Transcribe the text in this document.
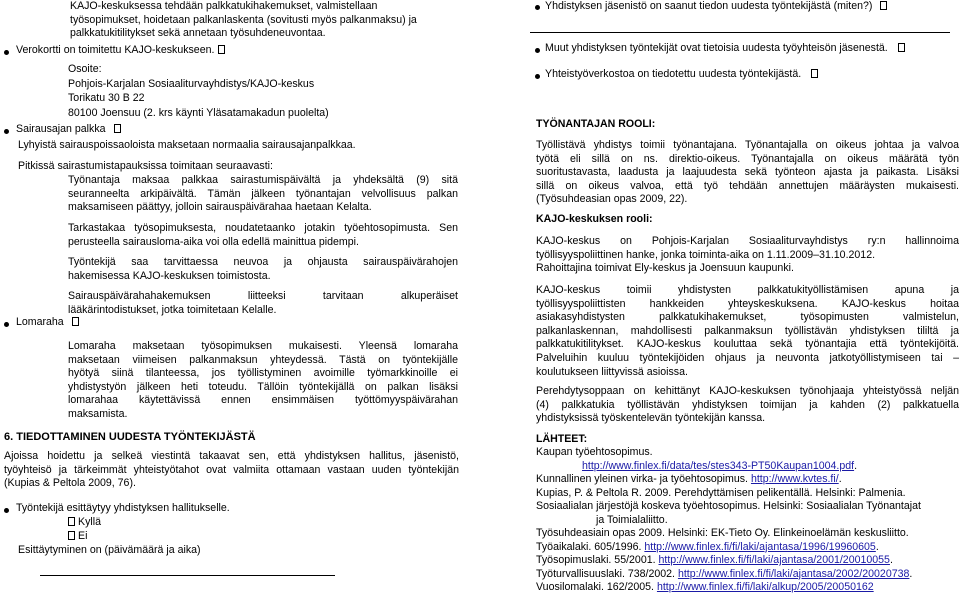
KAJO-keskuksessa tehdään palkkatukihakemukset, valmistellaan
työsopimukset, hoidetaan palkanlaskenta (sovitusti myös palkanmaksu) ja
palkkatukitilitykset sekä annetaan työsuhdeneuvontaa.
Verokortti on toimitettu KAJO-keskukseen.
Osoite:
Pohjois-Karjalan Sosiaaliturvayhdistys/KAJO-keskus
Torikatu 30 B 22
80100 Joensuu (2. krs käynti Yläsatamakadun puolelta)
Sairausajan palkka
Lyhyistä sairauspoissaoloista maksetaan normaalia sairausajanpalkkaa.
Pitkissä sairastumistapauksissa toimitaan seuraavasti:
Työnantaja maksaa palkkaa sairastumispäivältä ja yhdeksältä (9) sitä
seuranneelta arkipäivältä. Tämän jälkeen työnantajan velvollisuus palkan
maksamiseen päättyy, jolloin sairauspäivärahaa haetaan Kelalta.
Tarkastakaa työsopimuksesta, noudatetaanko jotakin työehtosopimusta. Sen
perusteella sairausloma-aika voi olla edellä mainittua pidempi.
Työntekijä saa tarvittaessa neuvoa ja ohjausta sairauspäivärahojen
hakemisessa KAJO-keskuksen toimistosta.
Sairauspäivärahahakemuksen liitteeksi tarvitaan alkuperäiset
lääkärintodistukset, jotka toimitetaan Kelalle.
Lomaraha
Lomaraha maksetaan työsopimuksen mukaisesti. Yleensä lomaraha
maksetaan viimeisen palkanmaksun yhteydessä. Tästä on työntekijälle
hyötyä siinä tilanteessa, jos työllistyminen avoimille työmarkkinoille ei
yhdistystyön jälkeen heti toteudu. Tällöin työntekijällä on palkan lisäksi
lomarahaa käytettävissä ennen ensimmäisen työttömyyspäivärahan
maksamista.
6. TIEDOTTAMINEN UUDESTA TYÖNTEKIJÄSTÄ
Ajoissa hoidettu ja selkeä viestintä takaavat sen, että yhdistyksen hallitus, jäsenistö,
työyhteisö ja tärkeimmät yhteistyötahot ovat valmiita ottamaan vastaan uuden työntekijän
(Kupias & Peltola 2009, 76).
Työntekijä esittäytyy yhdistyksen hallitukselle.
Kyllä
Ei
Esittäytyminen on (päivämäärä ja aika)
Yhdistyksen jäsenistö on saanut tiedon uudesta työntekijästä (miten?)
Muut yhdistyksen työntekijät ovat tietoisia uudesta työyhteisön jäsenestä.
Yhteistyöverkostoa on tiedotettu uudesta työntekijästä.
TYÖNANTAJAN ROOLI:
Työllistävä yhdistys toimii työnantajana. Työnantajalla on oikeus johtaa ja valvoa
työtä eli sillä on ns. direktio-oikeus. Työnantajalla on oikeus määrätä työn
suoritustavasta, laadusta ja laajuudesta sekä työnteon ajasta ja paikasta. Lisäksi
sillä on oikeus valvoa, että työ tehdään annettujen määräysten mukaisesti.
(Työsuhdeasian opas 2009, 22).
KAJO-keskuksen rooli:
KAJO-keskus on Pohjois-Karjalan Sosiaaliturvayhdistys ry:n hallinnoima
työllisyyspoliittinen hanke, jonka toiminta-aika on 1.11.2009‒31.10.2012.
Rahoittajina toimivat Ely-keskus ja Joensuun kaupunki.
KAJO-keskus toimii yhdistysten palkkatukityöllistämisen apuna ja
työllisyyspoliittisten hankkeiden yhteyskeskuksena. KAJO-keskus hoitaa
asiakasyhdistysten palkkatukihakemukset, työsopimusten valmistelun,
palkanlaskennan, mahdollisesti palkanmaksun työllistävän yhdistyksen tililtä ja
palkkatukitilitykset. KAJO-keskus kouluttaa sekä työnantajia että työntekijöitä.
Palveluihin kuuluu työntekijöiden ohjaus ja neuvonta jatkotyöllistymiseen tai –
koulutukseen liittyvissä asioissa.
Perehdytysoppaan on kehittänyt KAJO-keskuksen työnohjaaja yhteistyössä neljän
(4) palkkatukia työllistävän yhdistyksen toimijan ja kahden (2) palkkatuella
yhdistyksissä työskentelevän työntekijän kanssa.
LÄHTEET:
Kaupan työehtosopimus.
http://www.finlex.fi/data/tes/stes343-PT50Kaupan1004.pdf.
Kunnallinen yleinen virka- ja työehtosopimus. http://www.kvtes.fi/.
Kupias, P. & Peltola R. 2009. Perehdyttämisen pelikentällä. Helsinki: Palmenia.
Sosiaalialan järjestöjä koskeva työehtosopimus. Helsinki: Sosiaalialan Työnantajat
ja Toimialaliitto.
Työsuhdeasiain opas 2009. Helsinki: EK-Tieto Oy. Elinkeinoelämän keskusliitto.
Työaikalaki. 605/1996. http://www.finlex.fi/fi/laki/ajantasa/1996/19960605.
Työsopimuslaki. 55/2001. http://www.finlex.fi/fi/laki/ajantasa/2001/20010055.
Työturvallisuuslaki. 738/2002. http://www.finlex.fi/fi/laki/ajantasa/2002/20020738.
Vuosilomalaki. 162/2005. http://www.finlex.fi/fi/laki/alkup/2005/20050162
